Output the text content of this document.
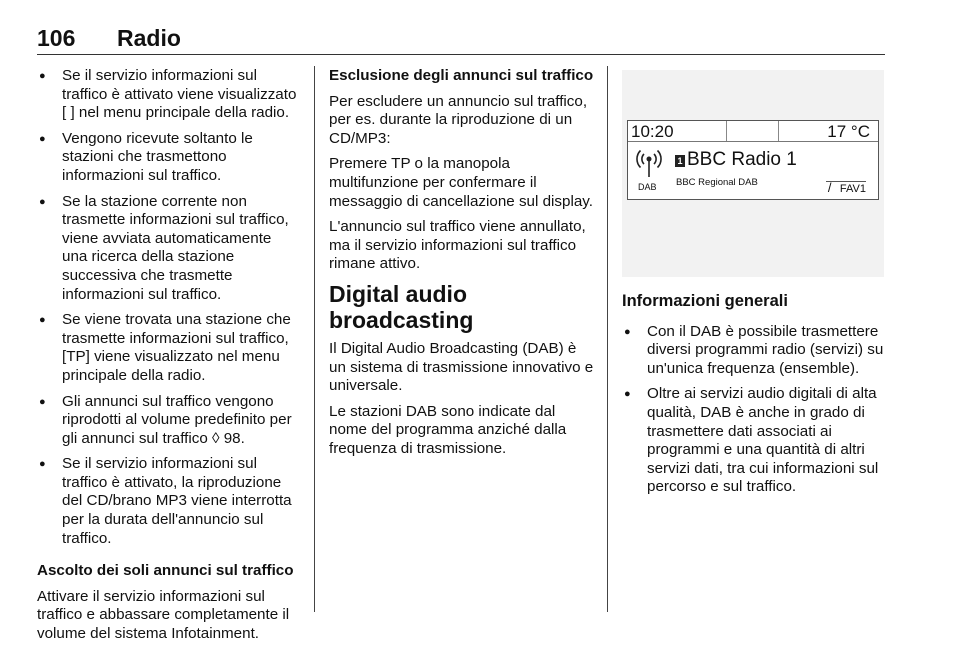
106 Radio
● Se il servizio informazioni sul traffico è attivato viene visualizzato [ ] nel menu principale della radio.
● Vengono ricevute soltanto le stazioni che trasmettono informazioni sul traffico.
● Se la stazione corrente non trasmette informazioni sul traffico, viene avviata automaticamente una ricerca della stazione successiva che trasmette informazioni sul traffico.
● Se viene trovata una stazione che trasmette informazioni sul traffico, [TP] viene visualizzato nel menu principale della radio.
● Gli annunci sul traffico vengono riprodotti al volume predefinito per gli annunci sul traffico ◊ 98.
● Se il servizio informazioni sul traffico è attivato, la riproduzione del CD/brano MP3 viene interrotta per la durata dell'annuncio sul traffico.

Ascolto dei soli annunci sul traffico

Attivare il servizio informazioni sul traffico e abbassare completamente il volume del sistema Infotainment.

Esclusione degli annunci sul traffico

Per escludere un annuncio sul traffico, per es. durante la riproduzione di un CD/MP3:

Premere TP o la manopola multifunzione per confermare il messaggio di cancellazione sul display.

L'annuncio sul traffico viene annullato, ma il servizio informazioni sul traffico rimane attivo.

Digital audio broadcasting

Il Digital Audio Broadcasting (DAB) è un sistema di trasmissione innovativo e universale.

Le stazioni DAB sono indicate dal nome del programma anziché dalla frequenza di trasmissione.

10:20	17 °C
DAB
1 BBC Radio 1
BBC Regional DAB	/ FAV1

Informazioni generali

● Con il DAB è possibile trasmettere diversi programmi radio (servizi) su un'unica frequenza (ensemble).
● Oltre ai servizi audio digitali di alta qualità, DAB è anche in grado di trasmettere dati associati ai programmi e una quantità di altri servizi dati, tra cui informazioni sul percorso e sul traffico.
